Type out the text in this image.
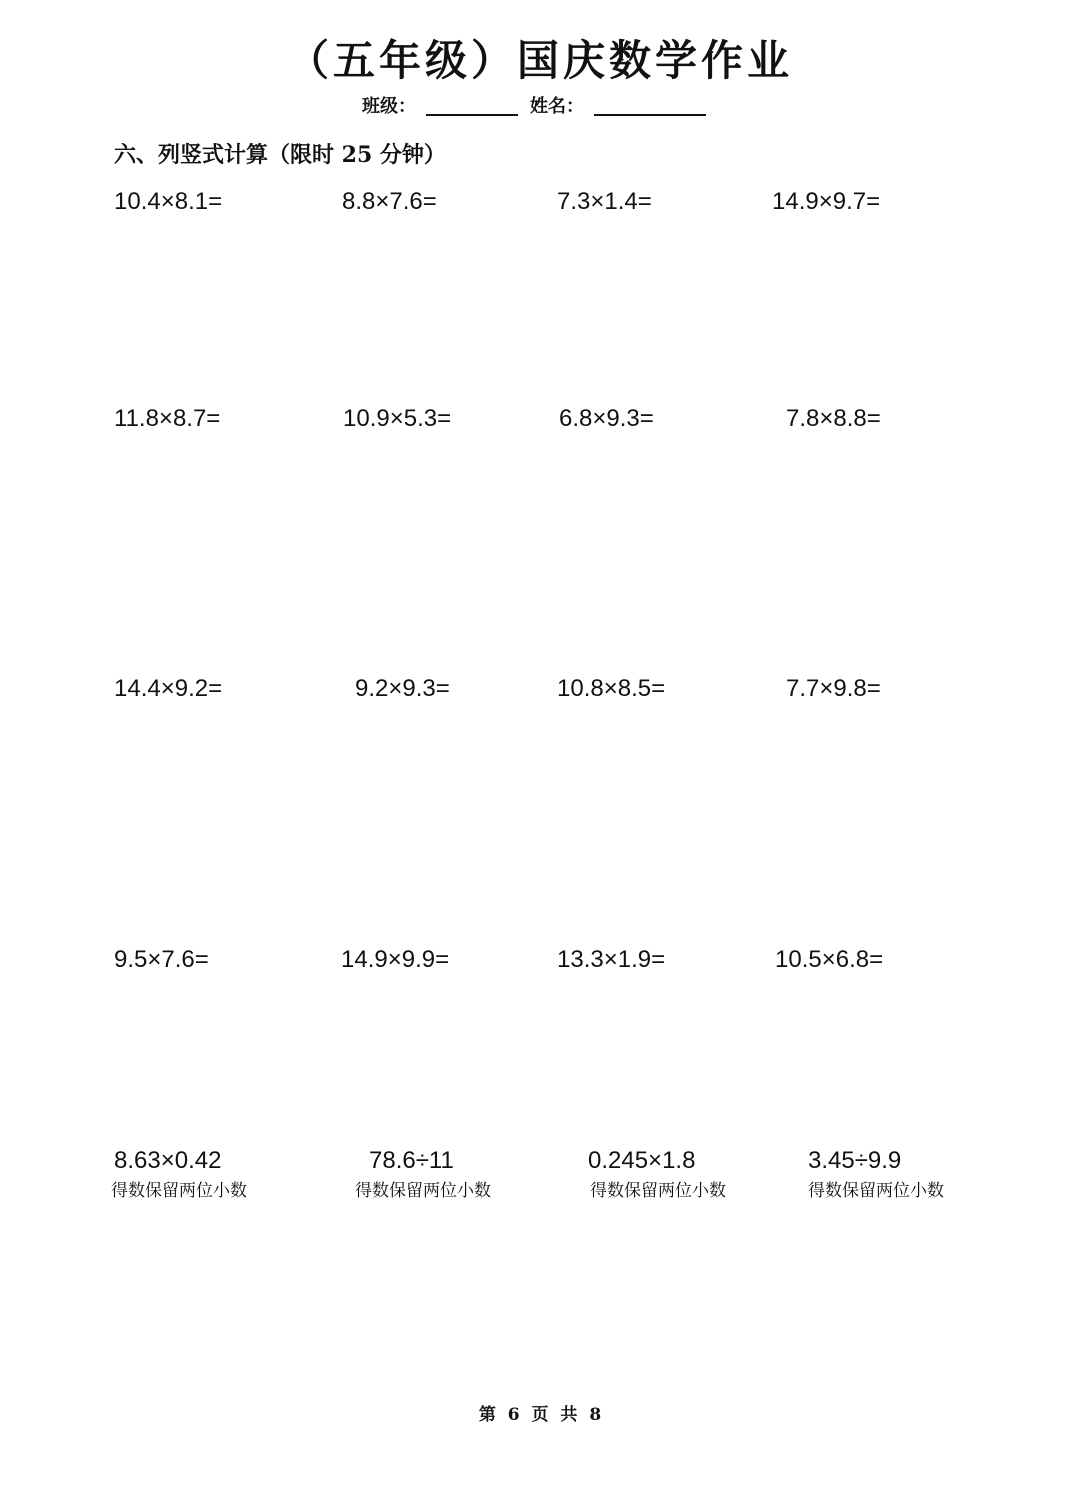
（五年级）国庆数学作业
班级：	姓名：
六、列竖式计算（限时 25 分钟）
10.4×8.1=	8.8×7.6=	7.3×1.4=	14.9×9.7=
11.8×8.7=	10.9×5.3=	6.8×9.3=	7.8×8.8=
14.4×9.2=	9.2×9.3=	10.8×8.5=	7.7×9.8=
9.5×7.6=	14.9×9.9=	13.3×1.9=	10.5×6.8=
8.63×0.42	78.6÷11	0.245×1.8	3.45÷9.9
得数保留两位小数	得数保留两位小数	得数保留两位小数	得数保留两位小数
第 6 页 共 8
